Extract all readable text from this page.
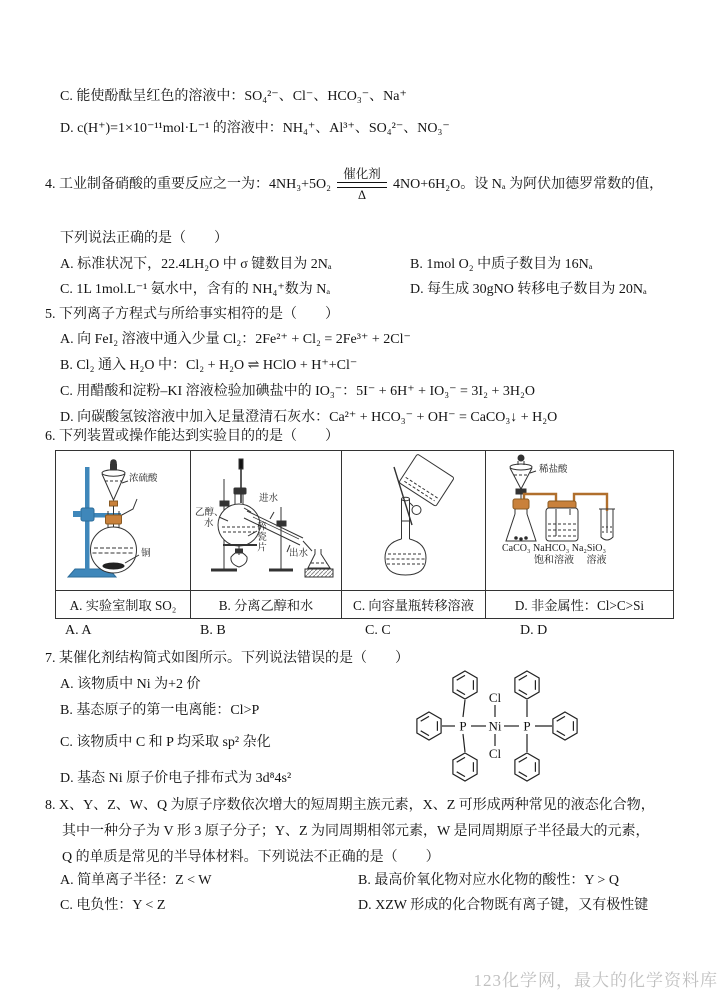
C. 能使酚酞呈红色的溶液中：SO₄²⁻、Cl⁻、HCO₃⁻、Na⁺
D. c(H⁺)=1×10⁻¹¹mol·L⁻¹ 的溶液中：NH₄⁺、Al³⁺、SO₄²⁻、NO₃⁻
4. 工业制备硝酸的重要反应之一为：4NH₃+5O₂
催化剂
Δ
4NO+6H₂O。设 Nₐ 为阿伏加德罗常数的值，
下列说法正确的是（　　）
A. 标准状况下，22.4LH₂O 中 σ 键数目为 2Nₐ	B. 1mol O₂ 中质子数目为 16Nₐ
C. 1L 1mol.L⁻¹ 氨水中，含有的 NH₄⁺数为 Nₐ	D. 每生成 30gNO 转移电子数目为 20Nₐ
5. 下列离子方程式与所给事实相符的是（　　）
A. 向 FeI₂ 溶液中通入少量 Cl₂：2Fe²⁺ + Cl₂ = 2Fe³⁺ + 2Cl⁻
B. Cl₂ 通入 H₂O 中：Cl₂ + H₂O ⇌ HClO + H⁺+Cl⁻
C. 用醋酸和淀粉–KI 溶液检验加碘盐中的 IO₃⁻：5I⁻ + 6H⁺ + IO₃⁻ = 3I₂ + 3H₂O
D. 向碳酸氢铵溶液中加入足量澄清石灰水：Ca²⁺ + HCO₃⁻ + OH⁻ = CaCO₃↓ + H₂O
6. 下列装置或操作能达到实验目的的是（　　）
浓硫酸
铜
乙醇、
水
进水
出水
碎瓷片
稀盐酸
CaCO₃ NaHCO₃ Na₂SiO₃
饱和溶液　 溶液
A. 实验室制取 SO₂	B. 分离乙醇和水	C. 向容量瓶转移溶液	D. 非金属性：Cl>C>Si
A. A	B. B	C. C	D. D
7. 某催化剂结构简式如图所示。下列说法错误的是（　　）
A. 该物质中 Ni 为+2 价
B. 基态原子的第一电离能：Cl>P
C. 该物质中 C 和 P 均采取 sp² 杂化
D. 基态 Ni 原子价电子排布式为 3d⁸4s²
Cl
Cl
Ni
P	P
8. X、Y、Z、W、Q 为原子序数依次增大的短周期主族元素，X、Z 可形成两种常见的液态化合物，
其中一种分子为 V 形 3 原子分子；Y、Z 为同周期相邻元素，W 是同周期原子半径最大的元素，
Q 的单质是常见的半导体材料。下列说法不正确的是（　　）
A. 简单离子半径：Z < W	B. 最高价氧化物对应水化物的酸性：Y > Q
C. 电负性：Y < Z	D. XZW 形成的化合物既有离子键，又有极性键
123化学网，最大的化学资料库
